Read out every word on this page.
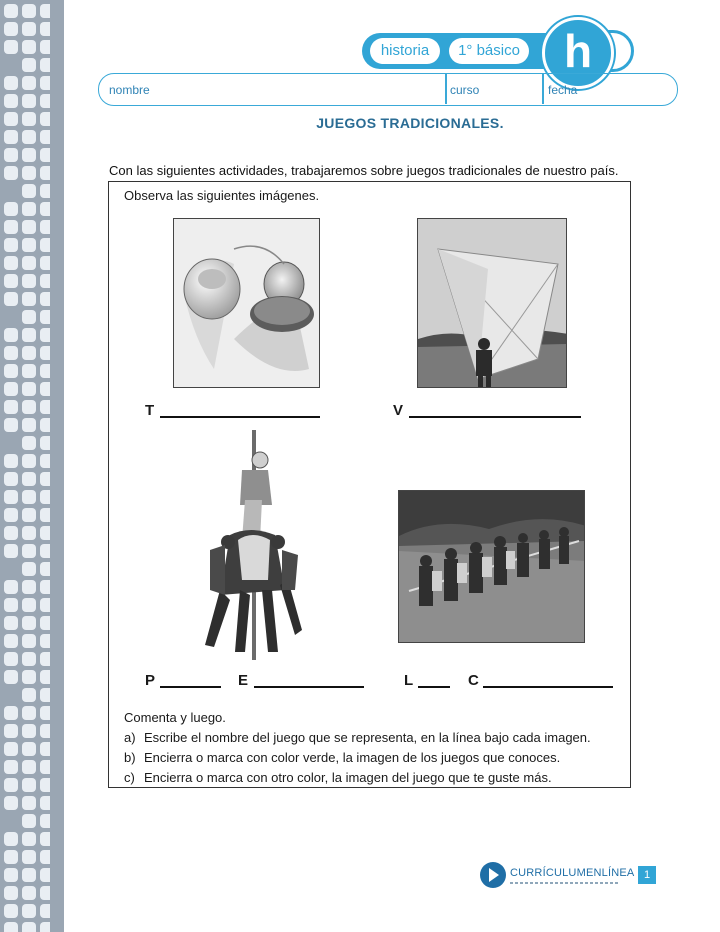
historia	1° básico h
nombre	curso	fecha
JUEGOS TRADICIONALES.
Con las siguientes actividades, trabajaremos sobre juegos tradicionales de nuestro país.
Observa las siguientes imágenes.
T	V
P	E	L	C
Comenta y luego.
a) Escribe el nombre del juego que se representa, en la línea bajo cada imagen.
b) Encierra o marca con color verde, la imagen de los juegos que conoces.
c) Encierra o marca con otro color, la imagen del juego que te guste más.
CURRÍCULUMENLÍNEA 1
